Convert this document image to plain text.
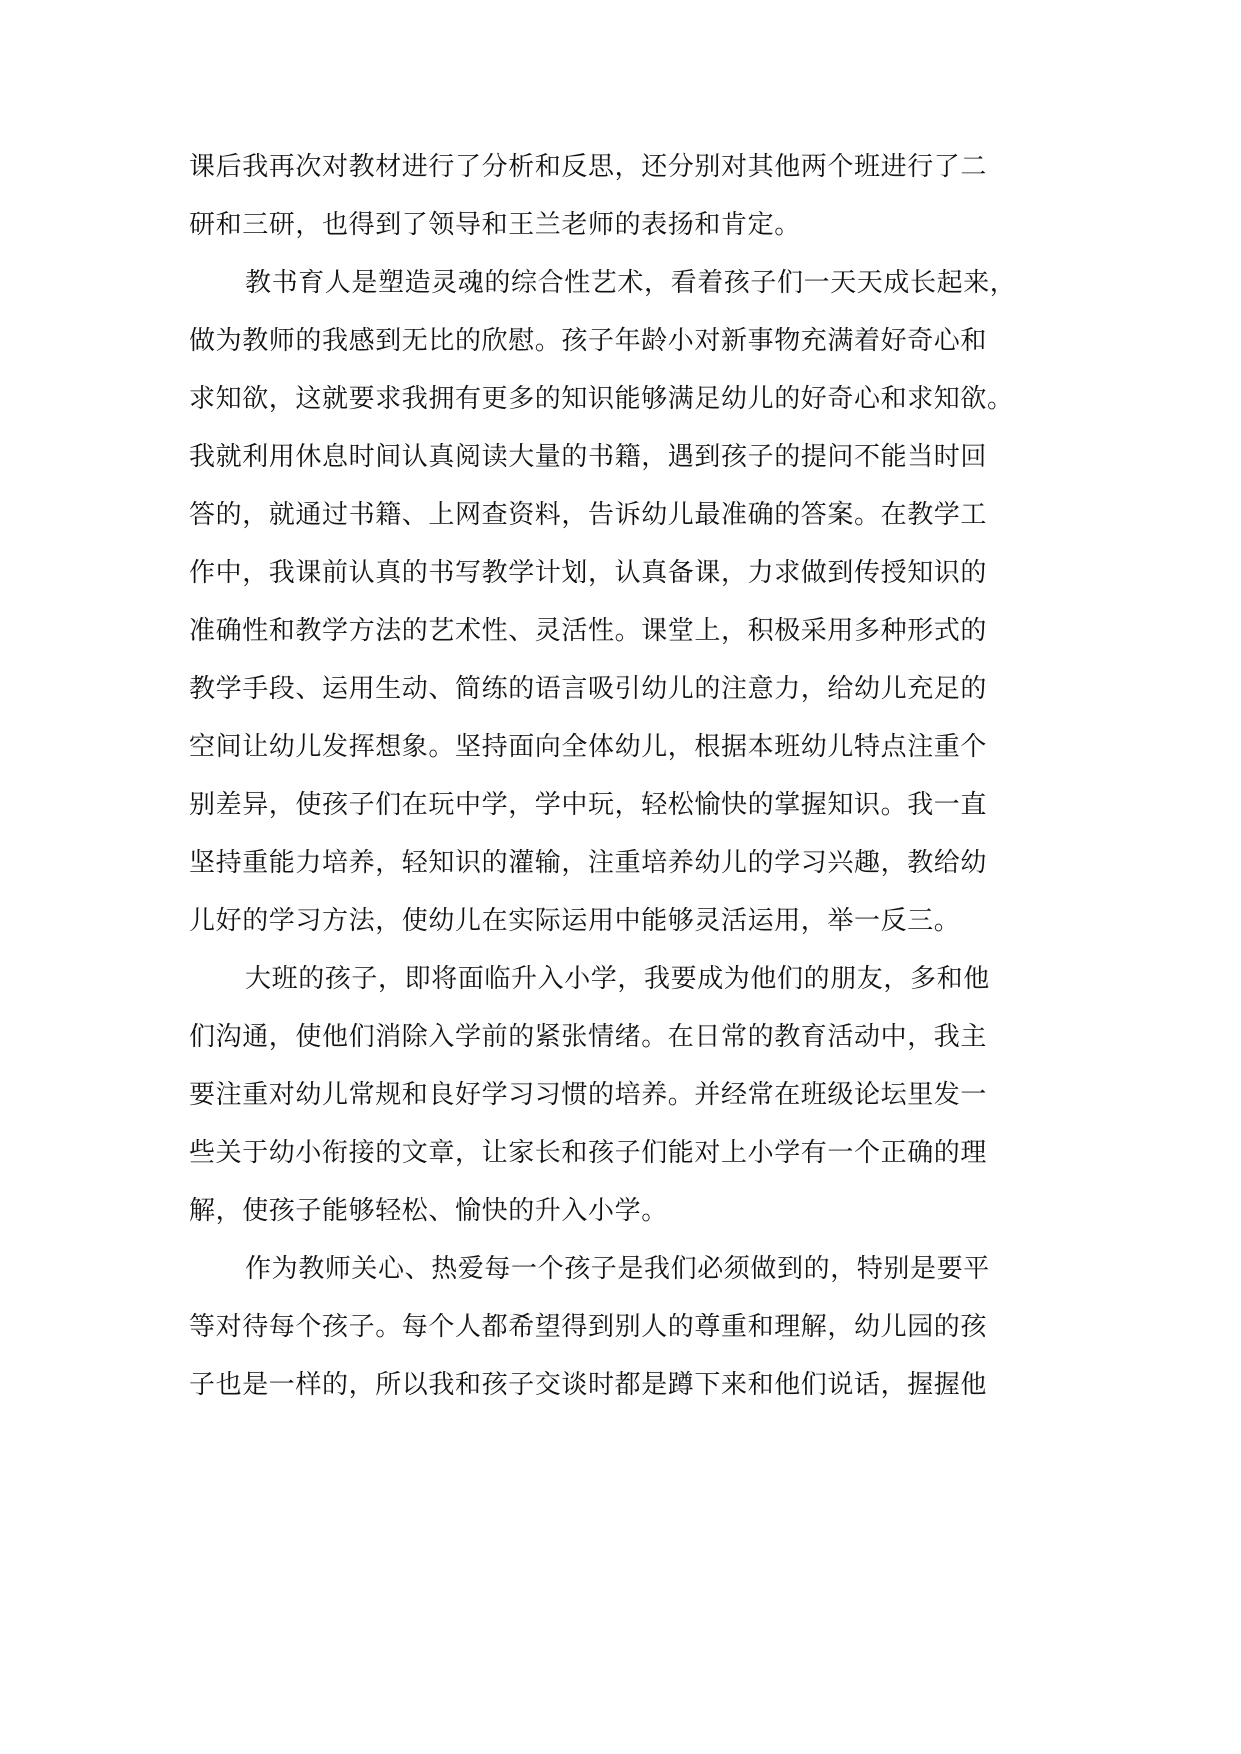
课后我再次对教材进行了分析和反思，还分别对其他两个班进行了二
研和三研，也得到了领导和王兰老师的表扬和肯定。
教书育人是塑造灵魂的综合性艺术，看着孩子们一天天成长起来，
做为教师的我感到无比的欣慰。孩子年龄小对新事物充满着好奇心和
求知欲，这就要求我拥有更多的知识能够满足幼儿的好奇心和求知欲。
我就利用休息时间认真阅读大量的书籍，遇到孩子的提问不能当时回
答的，就通过书籍、上网查资料，告诉幼儿最准确的答案。在教学工
作中，我课前认真的书写教学计划，认真备课，力求做到传授知识的
准确性和教学方法的艺术性、灵活性。课堂上，积极采用多种形式的
教学手段、运用生动、简练的语言吸引幼儿的注意力，给幼儿充足的
空间让幼儿发挥想象。坚持面向全体幼儿，根据本班幼儿特点注重个
别差异，使孩子们在玩中学，学中玩，轻松愉快的掌握知识。我一直
坚持重能力培养，轻知识的灌输，注重培养幼儿的学习兴趣，教给幼
儿好的学习方法，使幼儿在实际运用中能够灵活运用，举一反三。
大班的孩子，即将面临升入小学，我要成为他们的朋友，多和他
们沟通，使他们消除入学前的紧张情绪。在日常的教育活动中，我主
要注重对幼儿常规和良好学习习惯的培养。并经常在班级论坛里发一
些关于幼小衔接的文章，让家长和孩子们能对上小学有一个正确的理
解，使孩子能够轻松、愉快的升入小学。
作为教师关心、热爱每一个孩子是我们必须做到的，特别是要平
等对待每个孩子。每个人都希望得到别人的尊重和理解，幼儿园的孩
子也是一样的，所以我和孩子交谈时都是蹲下来和他们说话，握握他
